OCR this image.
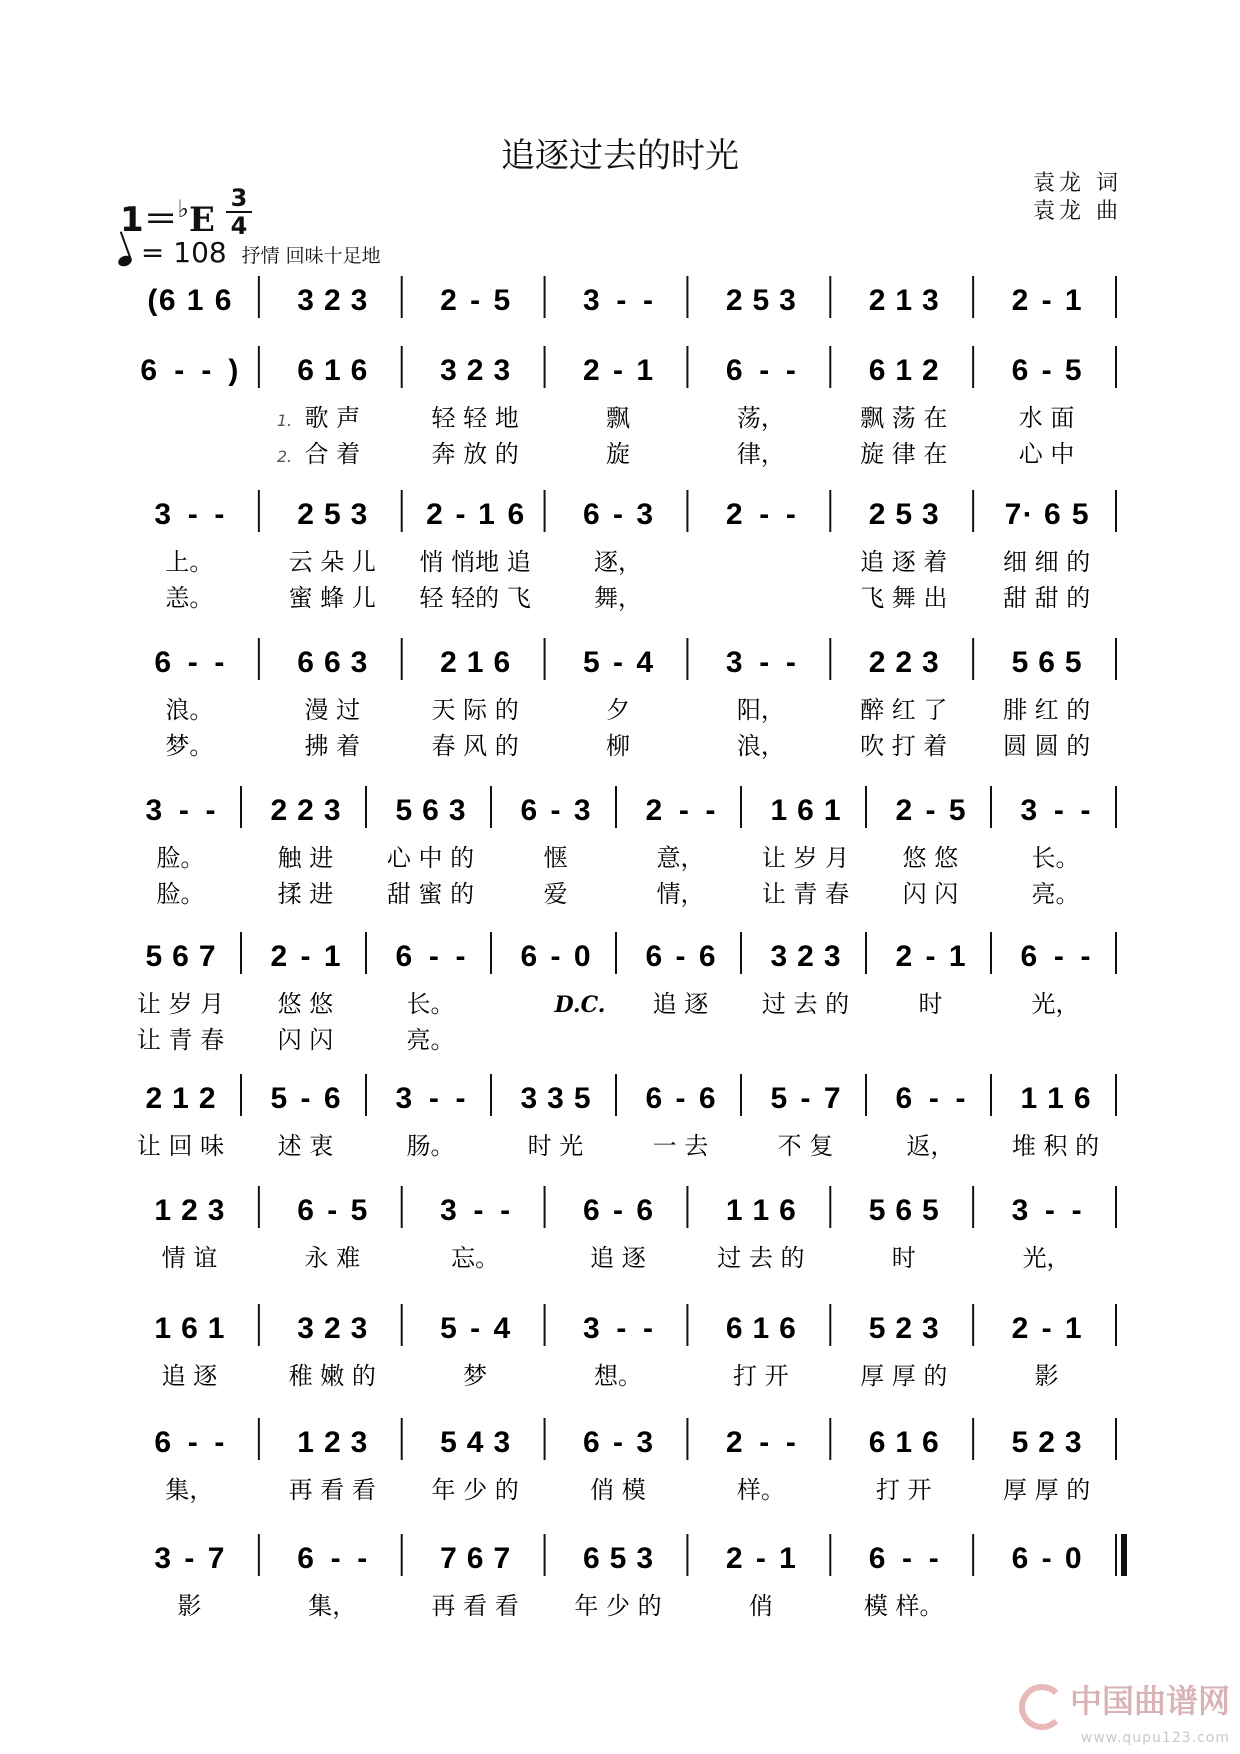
追逐过去的时光
袁龙 词
袁龙 曲
1＝♭E
3
4
= 108 抒情 回味十足地
(6 1 6 3 2 3 2 - 5 3 - - 2 5 3 2 1 3 2 - 1
6 - - ) 6 1 6
歌 声
合 着
3 2 3
轻 轻 地
奔 放 的
2 - 1
飘
旋
6 - -
荡，
律，
6 1 2
飘 荡 在
旋 律 在
6 - 5
水 面
心 中
1.
2.
3 - -
上。
恙。
2 5 3
云 朵 儿
蜜 蜂 儿
2 - 1 6
悄 悄地 追
轻 轻的 飞
6 - 3
逐，
舞，
2 - - 2 5 3
追 逐 着
飞 舞 出
7· 6 5
细 细 的
甜 甜 的
6 - -
浪。
梦。
6 6 3
漫 过
拂 着
2 1 6
天 际 的
春 风 的
5 - 4
夕
柳
3 - -
阳，
浪，
2 2 3
醉 红 了
吹 打 着
5 6 5
腓 红 的
圆 圆 的
3 - -
脸。
脸。
2 2 3
触 进
揉 进
5 6 3
心 中 的
甜 蜜 的
6 - 3
惬
爱
2 - -
意，
情，
1 6 1
让 岁 月
让 青 春
2 - 5
悠 悠
闪 闪
3 - -
长。
亮。
5 6 7
让 岁 月
让 青 春
2 - 1
悠 悠
闪 闪
6 - -
长。
亮。
6 - 0 6 - 6
追 逐
3 2 3
过 去 的
2 - 1
时
6 - -
光，
D.C.
2 1 2
让 回 味
5 - 6
述 衷
3 - -
肠。
3 3 5
时 光
6 - 6
一 去
5 - 7
不 复
6 - -
返，
1 1 6
堆 积 的
1 2 3
情 谊
6 - 5
永 难
3 - -
忘。
6 - 6
追 逐
1 1 6
过 去 的
5 6 5
时
3 - -
光，
1 6 1
追 逐
3 2 3
稚 嫩 的
5 - 4
梦
3 - -
想。
6 1 6
打 开
5 2 3
厚 厚 的
2 - 1
影
6 - -
集，
1 2 3
再 看 看
5 4 3
年 少 的
6 - 3
俏 模
2 - -
样。
6 1 6
打 开
5 2 3
厚 厚 的
3 - 7
影
6 - -
集，
7 6 7
再 看 看
6 5 3
年 少 的
2 - 1
俏
6 - -
模 样。
6 - 0
中国曲谱网
www.qupu123.com
